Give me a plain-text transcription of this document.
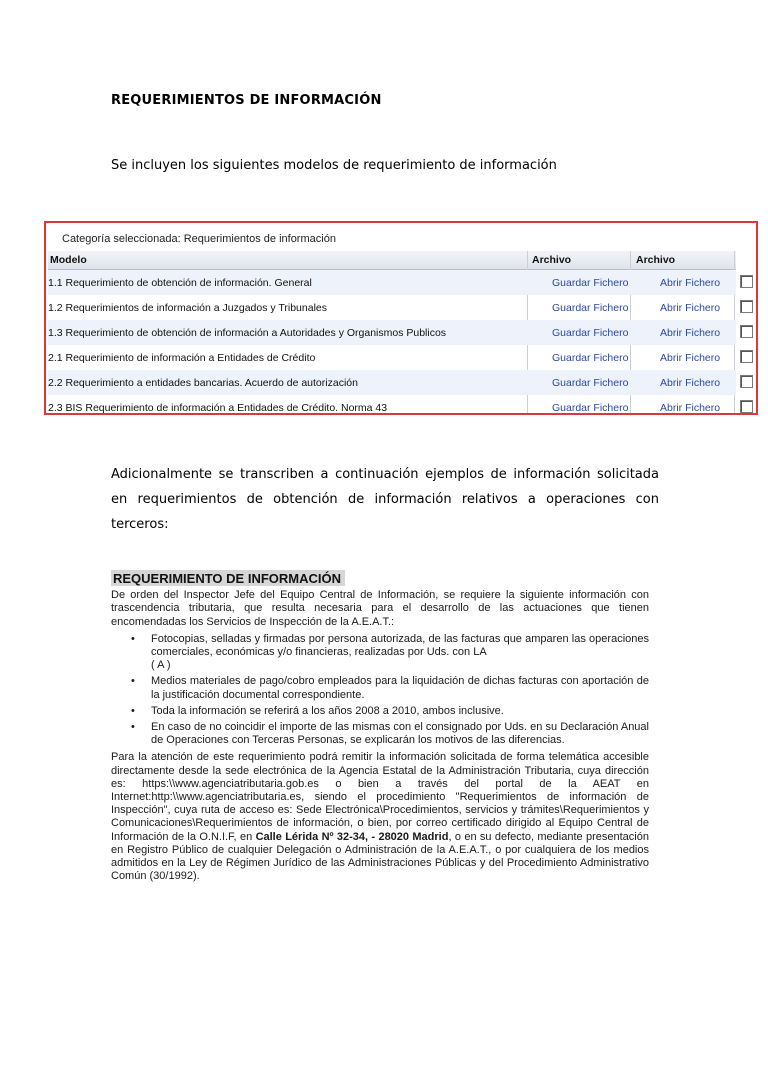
REQUERIMIENTOS DE INFORMACIÓN
Se incluyen los siguientes modelos de requerimiento de información
Categoría seleccionada: Requerimientos de información
Modelo	Archivo	Archivo
1.1 Requerimiento de obtención de información. General	Guardar Fichero	Abrir Fichero
1.2 Requerimientos de información a Juzgados y Tribunales	Guardar Fichero	Abrir Fichero
1.3 Requerimiento de obtención de información a Autoridades y Organismos Publicos	Guardar Fichero	Abrir Fichero
2.1 Requerimiento de información a Entidades de Crédito	Guardar Fichero	Abrir Fichero
2.2 Requerimiento a entidades bancarias. Acuerdo de autorización	Guardar Fichero	Abrir Fichero
2.3 BIS Requerimiento de información a Entidades de Crédito. Norma 43	Guardar Fichero	Abrir Fichero
Adicionalmente se transcriben a continuación ejemplos de información solicitada en requerimientos de obtención de información relativos a operaciones con terceros:
REQUERIMIENTO DE INFORMACIÓN

De orden del Inspector Jefe del Equipo Central de Información, se requiere la siguiente información con trascendencia tributaria, que resulta necesaria para el desarrollo de las actuaciones que tienen encomendadas los Servicios de Inspección de la A.E.A.T.:

• Fotocopias, selladas y firmadas por persona autorizada, de las facturas que amparen las operaciones comerciales, económicas y/o financieras, realizadas por Uds. con LA
( A )
• Medios materiales de pago/cobro empleados para la liquidación de dichas facturas con aportación de la justificación documental correspondiente.
• Toda la información se referirá a los años 2008 a 2010, ambos inclusive.
• En caso de no coincidir el importe de las mismas con el consignado por Uds. en su Declaración Anual de Operaciones con Terceras Personas, se explicarán los motivos de las diferencias.

Para la atención de este requerimiento podrá remitir la información solicitada de forma telemática accesible directamente desde la sede electrónica de la Agencia Estatal de la Administración Tributaria, cuya dirección es: https:\\www.agenciatributaria.gob.es o bien a través del portal de la AEAT en Internet:http:\\www.agenciatributaria.es, siendo el procedimiento "Requerimientos de información de Inspección", cuya ruta de acceso es: Sede Electrónica\Procedimientos, servicios y trámites\Requerimientos y Comunicaciones\Requerimientos de información, o bien, por correo certificado dirigido al Equipo Central de Información de la O.N.I.F, en Calle Lérida Nº 32-34, - 28020 Madrid, o en su defecto, mediante presentación en Registro Público de cualquier Delegación o Administración de la A.E.A.T., o por cualquiera de los medios admitidos en la Ley de Régimen Jurídico de las Administraciones Públicas y del Procedimiento Administrativo Común (30/1992).
